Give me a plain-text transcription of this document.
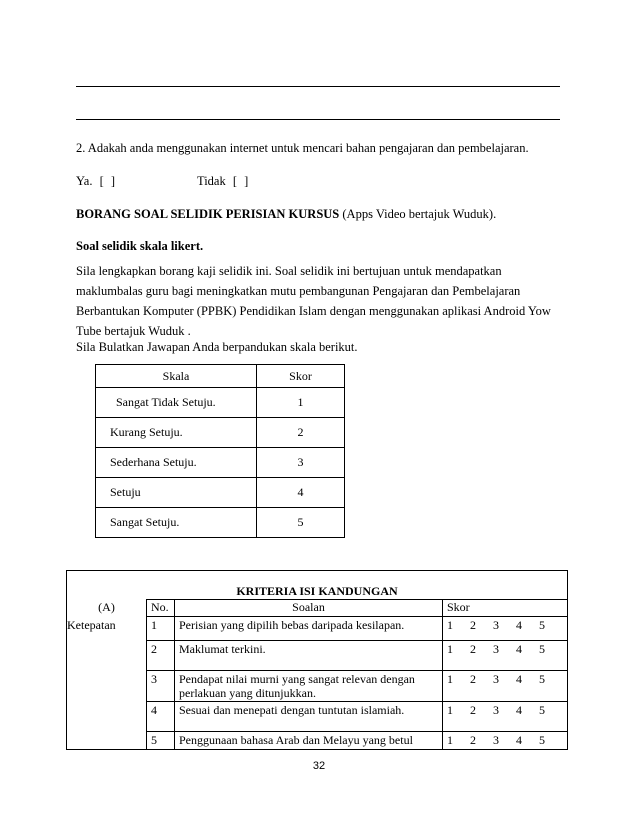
2. Adakah anda menggunakan internet untuk mencari bahan pengajaran dan pembelajaran.
Ya. [ ]	Tidak [ ]
BORANG SOAL SELIDIK PERISIAN KURSUS (Apps Video bertajuk Wuduk).
Soal selidik skala likert.
Sila lengkapkan borang kaji selidik ini. Soal selidik ini bertujuan untuk mendapatkan
maklumbalas guru bagi meningkatkan mutu pembangunan Pengajaran dan Pembelajaran
Berbantukan Komputer (PPBK) Pendidikan Islam dengan menggunakan aplikasi Android Yow
Tube bertajuk Wuduk .
Sila Bulatkan Jawapan Anda berpandukan skala berikut.
Skala	Skor
Sangat Tidak Setuju.	1
Kurang Setuju.	2
Sederhana Setuju.	3
Setuju	4
Sangat Setuju.	5
KRITERIA ISI KANDUNGAN			
(A)	No.	Soalan	Skor
Ketepatan	1	Perisian yang dipilih bebas daripada kesilapan.	1 2 3 4 5
	2	Maklumat terkini.	1 2 3 4 5
	3	Pendapat nilai murni yang sangat relevan dengan
perlakuan yang ditunjukkan.	1 2 3 4 5
	4	Sesuai dan menepati dengan tuntutan islamiah.	1 2 3 4 5
	5	Penggunaan bahasa Arab dan Melayu yang betul	1 2 3 4 5
32
